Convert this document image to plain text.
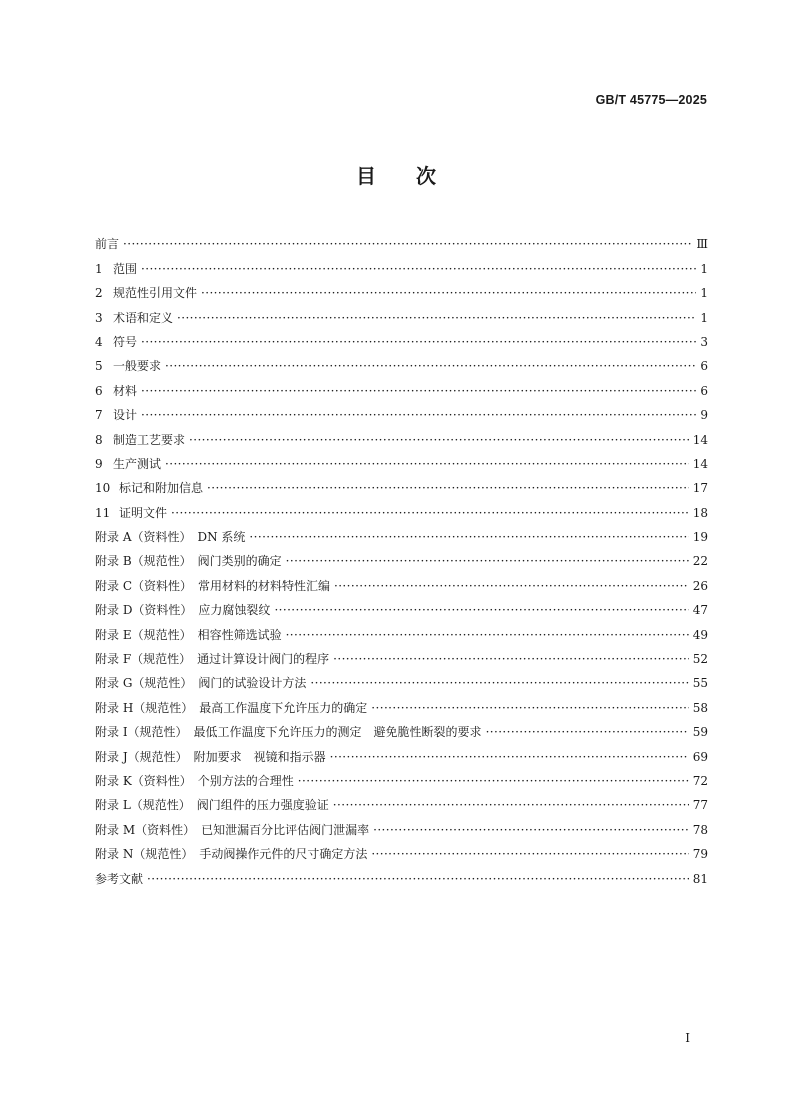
GB/T 45775—2025
目次
前言 ·····	Ⅲ
1 范围 ·····	1
2 规范性引用文件 ·····	1
3 术语和定义 ·····	1
4 符号 ·····	3
5 一般要求 ·····	6
6 材料 ·····	6
7 设计 ·····	9
8 制造工艺要求 ·····	14
9 生产测试 ·····	14
10 标记和附加信息 ·····	17
11 证明文件 ·····	18
附录 A（资料性）　DN 系统 ·····	19
附录 B（规范性）　阀门类别的确定 ·····	22
附录 C（资料性）　常用材料的材料特性汇编 ·····	26
附录 D（资料性）　应力腐蚀裂纹 ·····	47
附录 E（规范性）　相容性筛选试验 ·····	49
附录 F（规范性）　通过计算设计阀门的程序 ·····	52
附录 G（规范性）　阀门的试验设计方法 ·····	55
附录 H（规范性）　最高工作温度下允许压力的确定 ·····	58
附录 I（规范性）　最低工作温度下允许压力的测定　避免脆性断裂的要求 ·····	59
附录 J（规范性）　附加要求　视镜和指示器 ·····	69
附录 K（资料性）　个别方法的合理性 ·····	72
附录 L（规范性）　阀门组件的压力强度验证 ·····	77
附录 M（资料性）　已知泄漏百分比评估阀门泄漏率 ·····	78
附录 N（规范性）　手动阀操作元件的尺寸确定方法 ·····	79
参考文献 ·····	81
I
